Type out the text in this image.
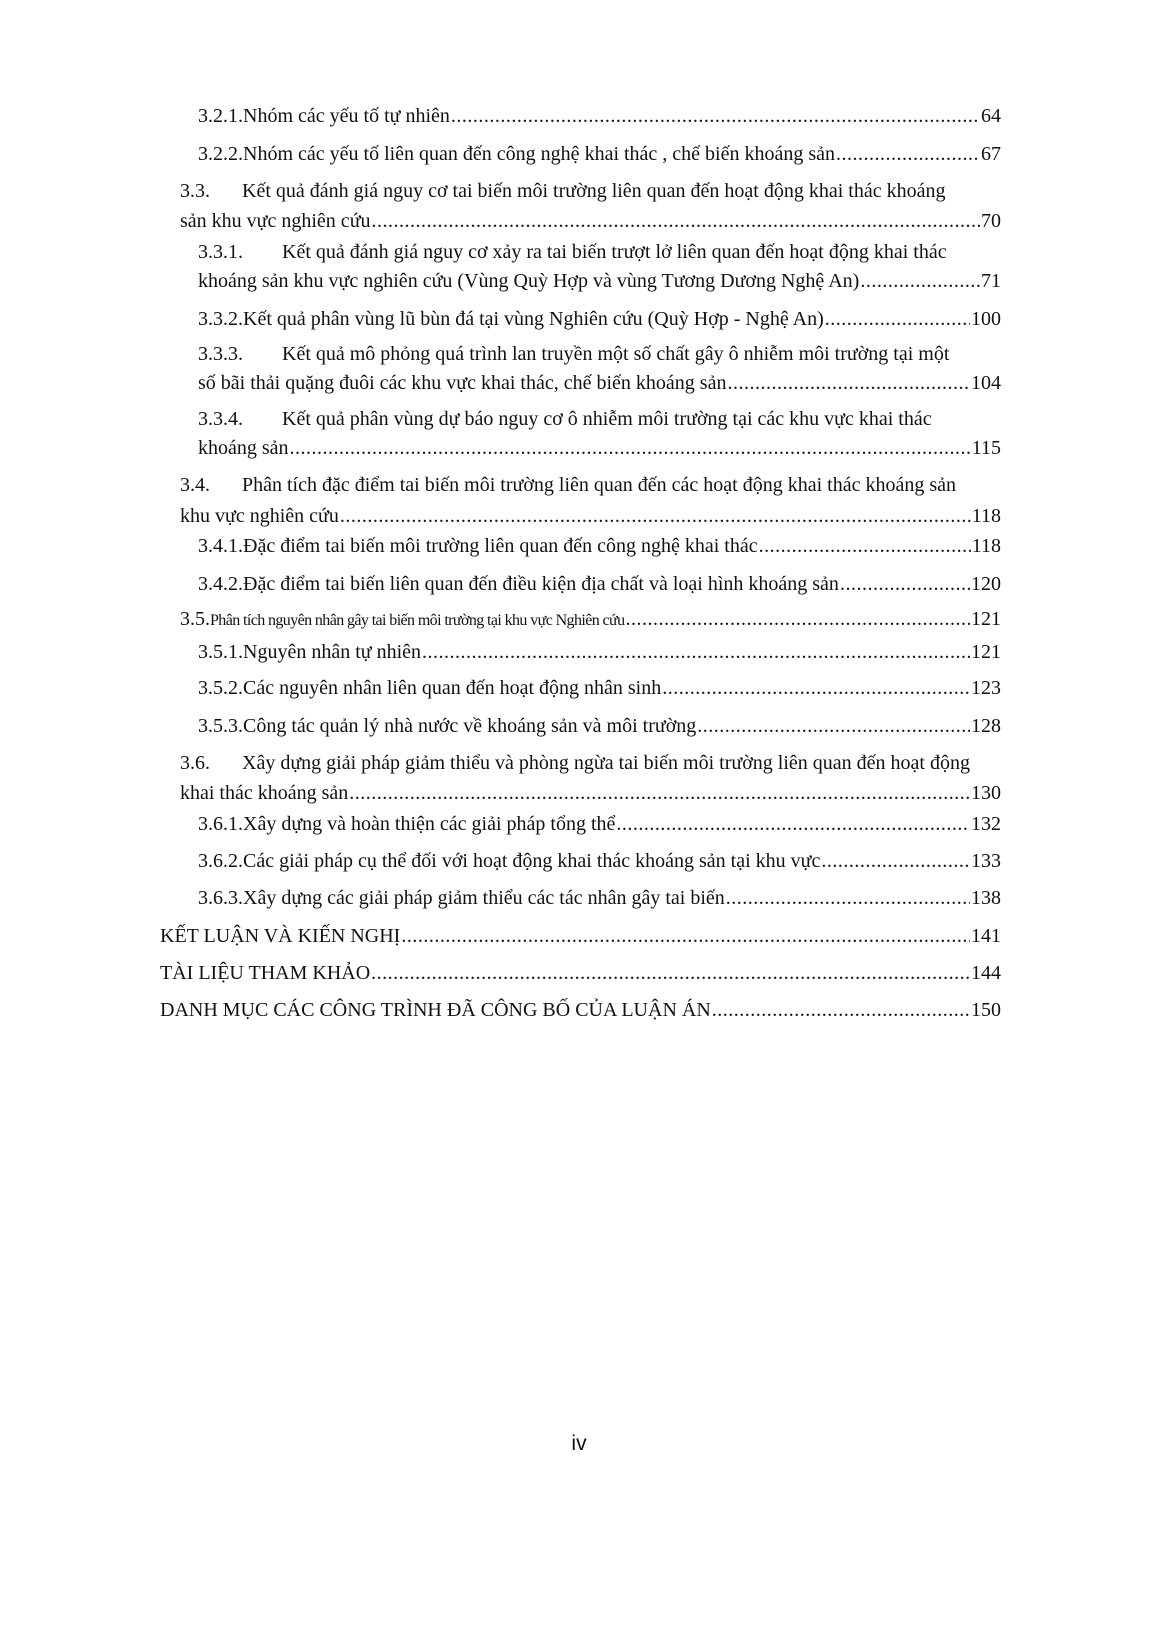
3.2.1. Nhóm các yếu tố tự nhiên .....	64
3.2.2. Nhóm các yếu tố liên quan đến công nghệ khai thác , chế biến khoáng sản .....	67
3.3. Kết quả đánh giá nguy cơ tai biến môi trường liên quan đến hoạt động khai thác khoáng
sản khu vực nghiên cứu .....	70
3.3.1. Kết quả đánh giá nguy cơ xảy ra tai biến trượt lở liên quan đến hoạt động khai thác
khoáng sản khu vực nghiên cứu (Vùng Quỳ Hợp và vùng Tương Dương Nghệ An) .....	71
3.3.2. Kết quả phân vùng lũ bùn đá tại vùng Nghiên cứu (Quỳ Hợp - Nghệ An) .....	100
3.3.3. Kết quả mô phỏng quá trình lan truyền một số chất gây ô nhiễm môi trường tại một
số bãi thải quặng đuôi các khu vực khai thác, chế biến khoáng sản .....	104
3.3.4. Kết quả phân vùng dự báo nguy cơ ô nhiễm môi trường tại các khu vực khai thác
khoáng sản .....	115
3.4. Phân tích đặc điểm tai biến môi trường liên quan đến các hoạt động khai thác khoáng sản
khu vực nghiên cứu .....	118
3.4.1. Đặc điểm tai biến môi trường liên quan đến công nghệ khai thác .....	118
3.4.2. Đặc điểm tai biến liên quan đến điều kiện địa chất và loại hình khoáng sản .....	120
3.5. Phân tích nguyên nhân gây tai biến môi trường tại khu vực Nghiên cứu .....	121
3.5.1. Nguyên nhân tự nhiên .....	121
3.5.2. Các nguyên nhân liên quan đến hoạt động nhân sinh .....	123
3.5.3. Công tác quản lý nhà nước về khoáng sản và môi trường .....	128
3.6. Xây dựng giải pháp giảm thiểu và phòng ngừa tai biến môi trường liên quan đến hoạt động
khai thác khoáng sản .....	130
3.6.1. Xây dựng và hoàn thiện các giải pháp tổng thể .....	132
3.6.2. Các giải pháp cụ thể đối với hoạt động khai thác khoáng sản tại khu vực .....	133
3.6.3. Xây dựng các giải pháp giảm thiểu các tác nhân gây tai biến .....	138
KẾT LUẬN VÀ KIẾN NGHỊ .....	141
TÀI LIỆU THAM KHẢO .....	144
DANH MỤC CÁC CÔNG TRÌNH ĐÃ CÔNG BỐ CỦA LUẬN ÁN .....	150
iv
